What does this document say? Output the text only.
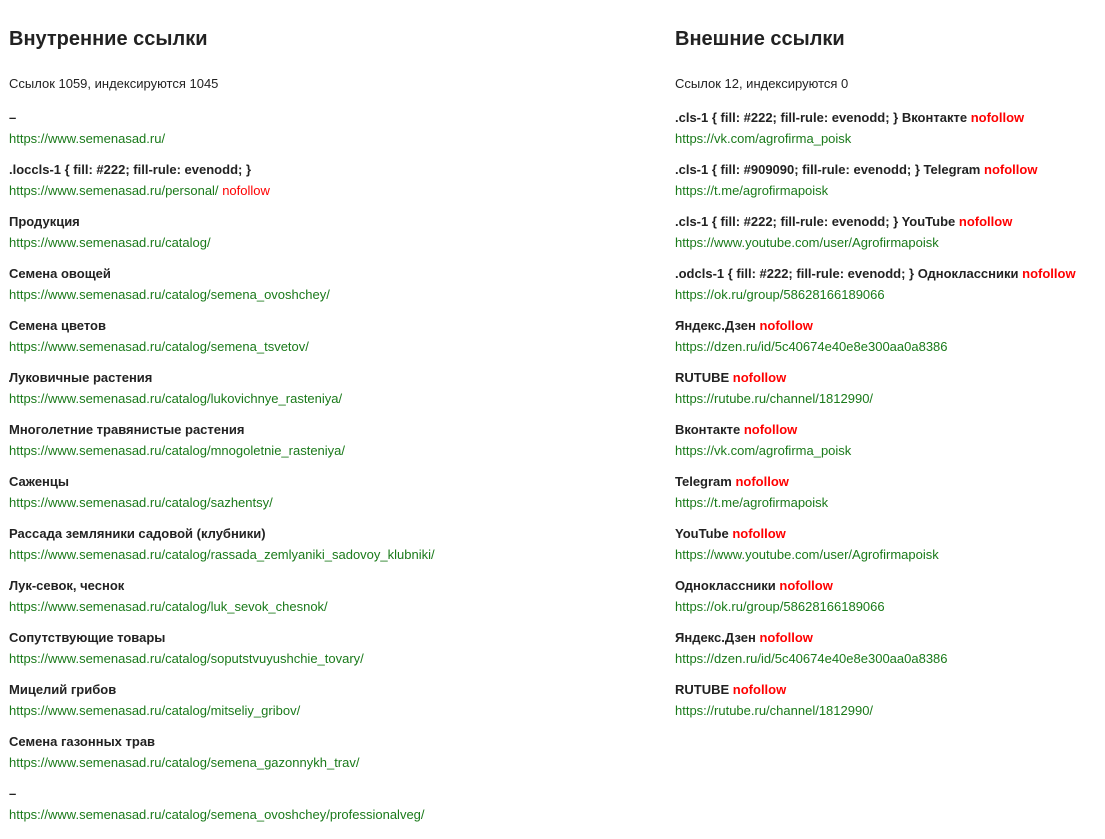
Внутренние ссылки
Ссылок 1059, индексируются 1045
–
https://www.semenasad.ru/
.loccls-1 { fill: #222; fill-rule: evenodd; }
https://www.semenasad.ru/personal/ nofollow
Продукция
https://www.semenasad.ru/catalog/
Семена овощей
https://www.semenasad.ru/catalog/semena_ovoshchey/
Семена цветов
https://www.semenasad.ru/catalog/semena_tsvetov/
Луковичные растения
https://www.semenasad.ru/catalog/lukovichnye_rasteniya/
Многолетние травянистые растения
https://www.semenasad.ru/catalog/mnogoletnie_rasteniya/
Саженцы
https://www.semenasad.ru/catalog/sazhentsy/
Рассада земляники садовой (клубники)
https://www.semenasad.ru/catalog/rassada_zemlyaniki_sadovoy_klubniki/
Лук-севок, чеснок
https://www.semenasad.ru/catalog/luk_sevok_chesnok/
Сопутствующие товары
https://www.semenasad.ru/catalog/soputstvuyushchie_tovary/
Мицелий грибов
https://www.semenasad.ru/catalog/mitseliy_gribov/
Семена газонных трав
https://www.semenasad.ru/catalog/semena_gazonnykh_trav/
–
https://www.semenasad.ru/catalog/semena_ovoshchey/professionalveg/
Внешние ссылки
Ссылок 12, индексируются 0
.cls-1 { fill: #222; fill-rule: evenodd; } Вконтакте nofollow
https://vk.com/agrofirma_poisk
.cls-1 { fill: #909090; fill-rule: evenodd; } Telegram nofollow
https://t.me/agrofirmapoisk
.cls-1 { fill: #222; fill-rule: evenodd; } YouTube nofollow
https://www.youtube.com/user/Agrofirmapoisk
.odcls-1 { fill: #222; fill-rule: evenodd; } Одноклассники nofollow
https://ok.ru/group/58628166189066
Яндекс.Дзен nofollow
https://dzen.ru/id/5c40674e40e8e300aa0a8386
RUTUBE nofollow
https://rutube.ru/channel/1812990/
Вконтакте nofollow
https://vk.com/agrofirma_poisk
Telegram nofollow
https://t.me/agrofirmapoisk
YouTube nofollow
https://www.youtube.com/user/Agrofirmapoisk
Одноклассники nofollow
https://ok.ru/group/58628166189066
Яндекс.Дзен nofollow
https://dzen.ru/id/5c40674e40e8e300aa0a8386
RUTUBE nofollow
https://rutube.ru/channel/1812990/
